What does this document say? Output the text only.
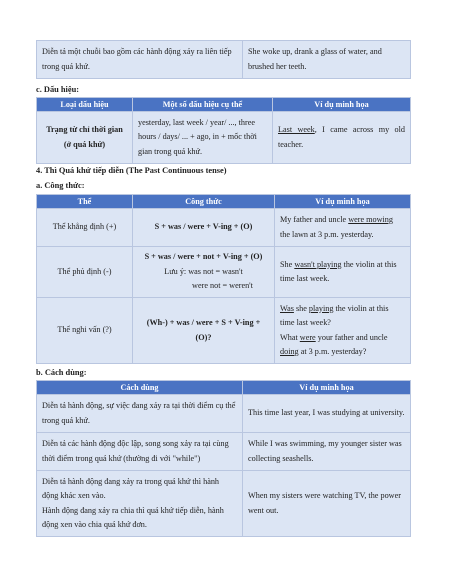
Diễn tả một chuỗi bao gồm các hành động xảy ra liên tiếp trong quá khứ.	She woke up, drank a glass of water, and brushed her teeth.
c. Dấu hiệu:
Loại dấu hiệu	Một số dấu hiệu cụ thể	Ví dụ minh họa
Trạng từ chỉ thời gian (ở quá khứ)	yesterday, last week / year/ ..., three hours / days/ ... + ago, in + mốc thời gian trong quá khứ.	Last week, I came across my old teacher.
4. Thì Quá khứ tiếp diễn (The Past Continuous tense)
a. Công thức:
Thể	Công thức	Ví dụ minh họa
Thể khẳng định (+)	S + was / were + V-ing + (O)	My father and uncle were mowing the lawn at 3 p.m. yesterday.
Thể phủ định (-)	S + was / were + not + V-ing + (O)
Lưu ý: was not = wasn't
were not = weren't	She wasn't playing the violin at this time last week.
Thể nghi vấn (?)	(Wh-) + was / were + S + V-ing + (O)?	Was she playing the violin at this time last week?
What were your father and uncle doing at 3 p.m. yesterday?
b. Cách dùng:
Cách dùng	Ví dụ minh họa
Diễn tả hành động, sự việc đang xảy ra tại thời điểm cụ thể trong quá khứ.	This time last year, I was studying at university.
Diễn tả các hành động độc lập, song song xảy ra tại cùng thời điểm trong quá khứ (thường đi với "while")	While I was swimming, my younger sister was collecting seashells.

Diễn tả hành động đang xảy ra trong quá khứ thì hành động khác xen vào.
Hành động đang xảy ra chia thì quá khứ tiếp diễn, hành động xen vào chia quá khứ đơn.	When my sisters were watching TV, the power went out.
